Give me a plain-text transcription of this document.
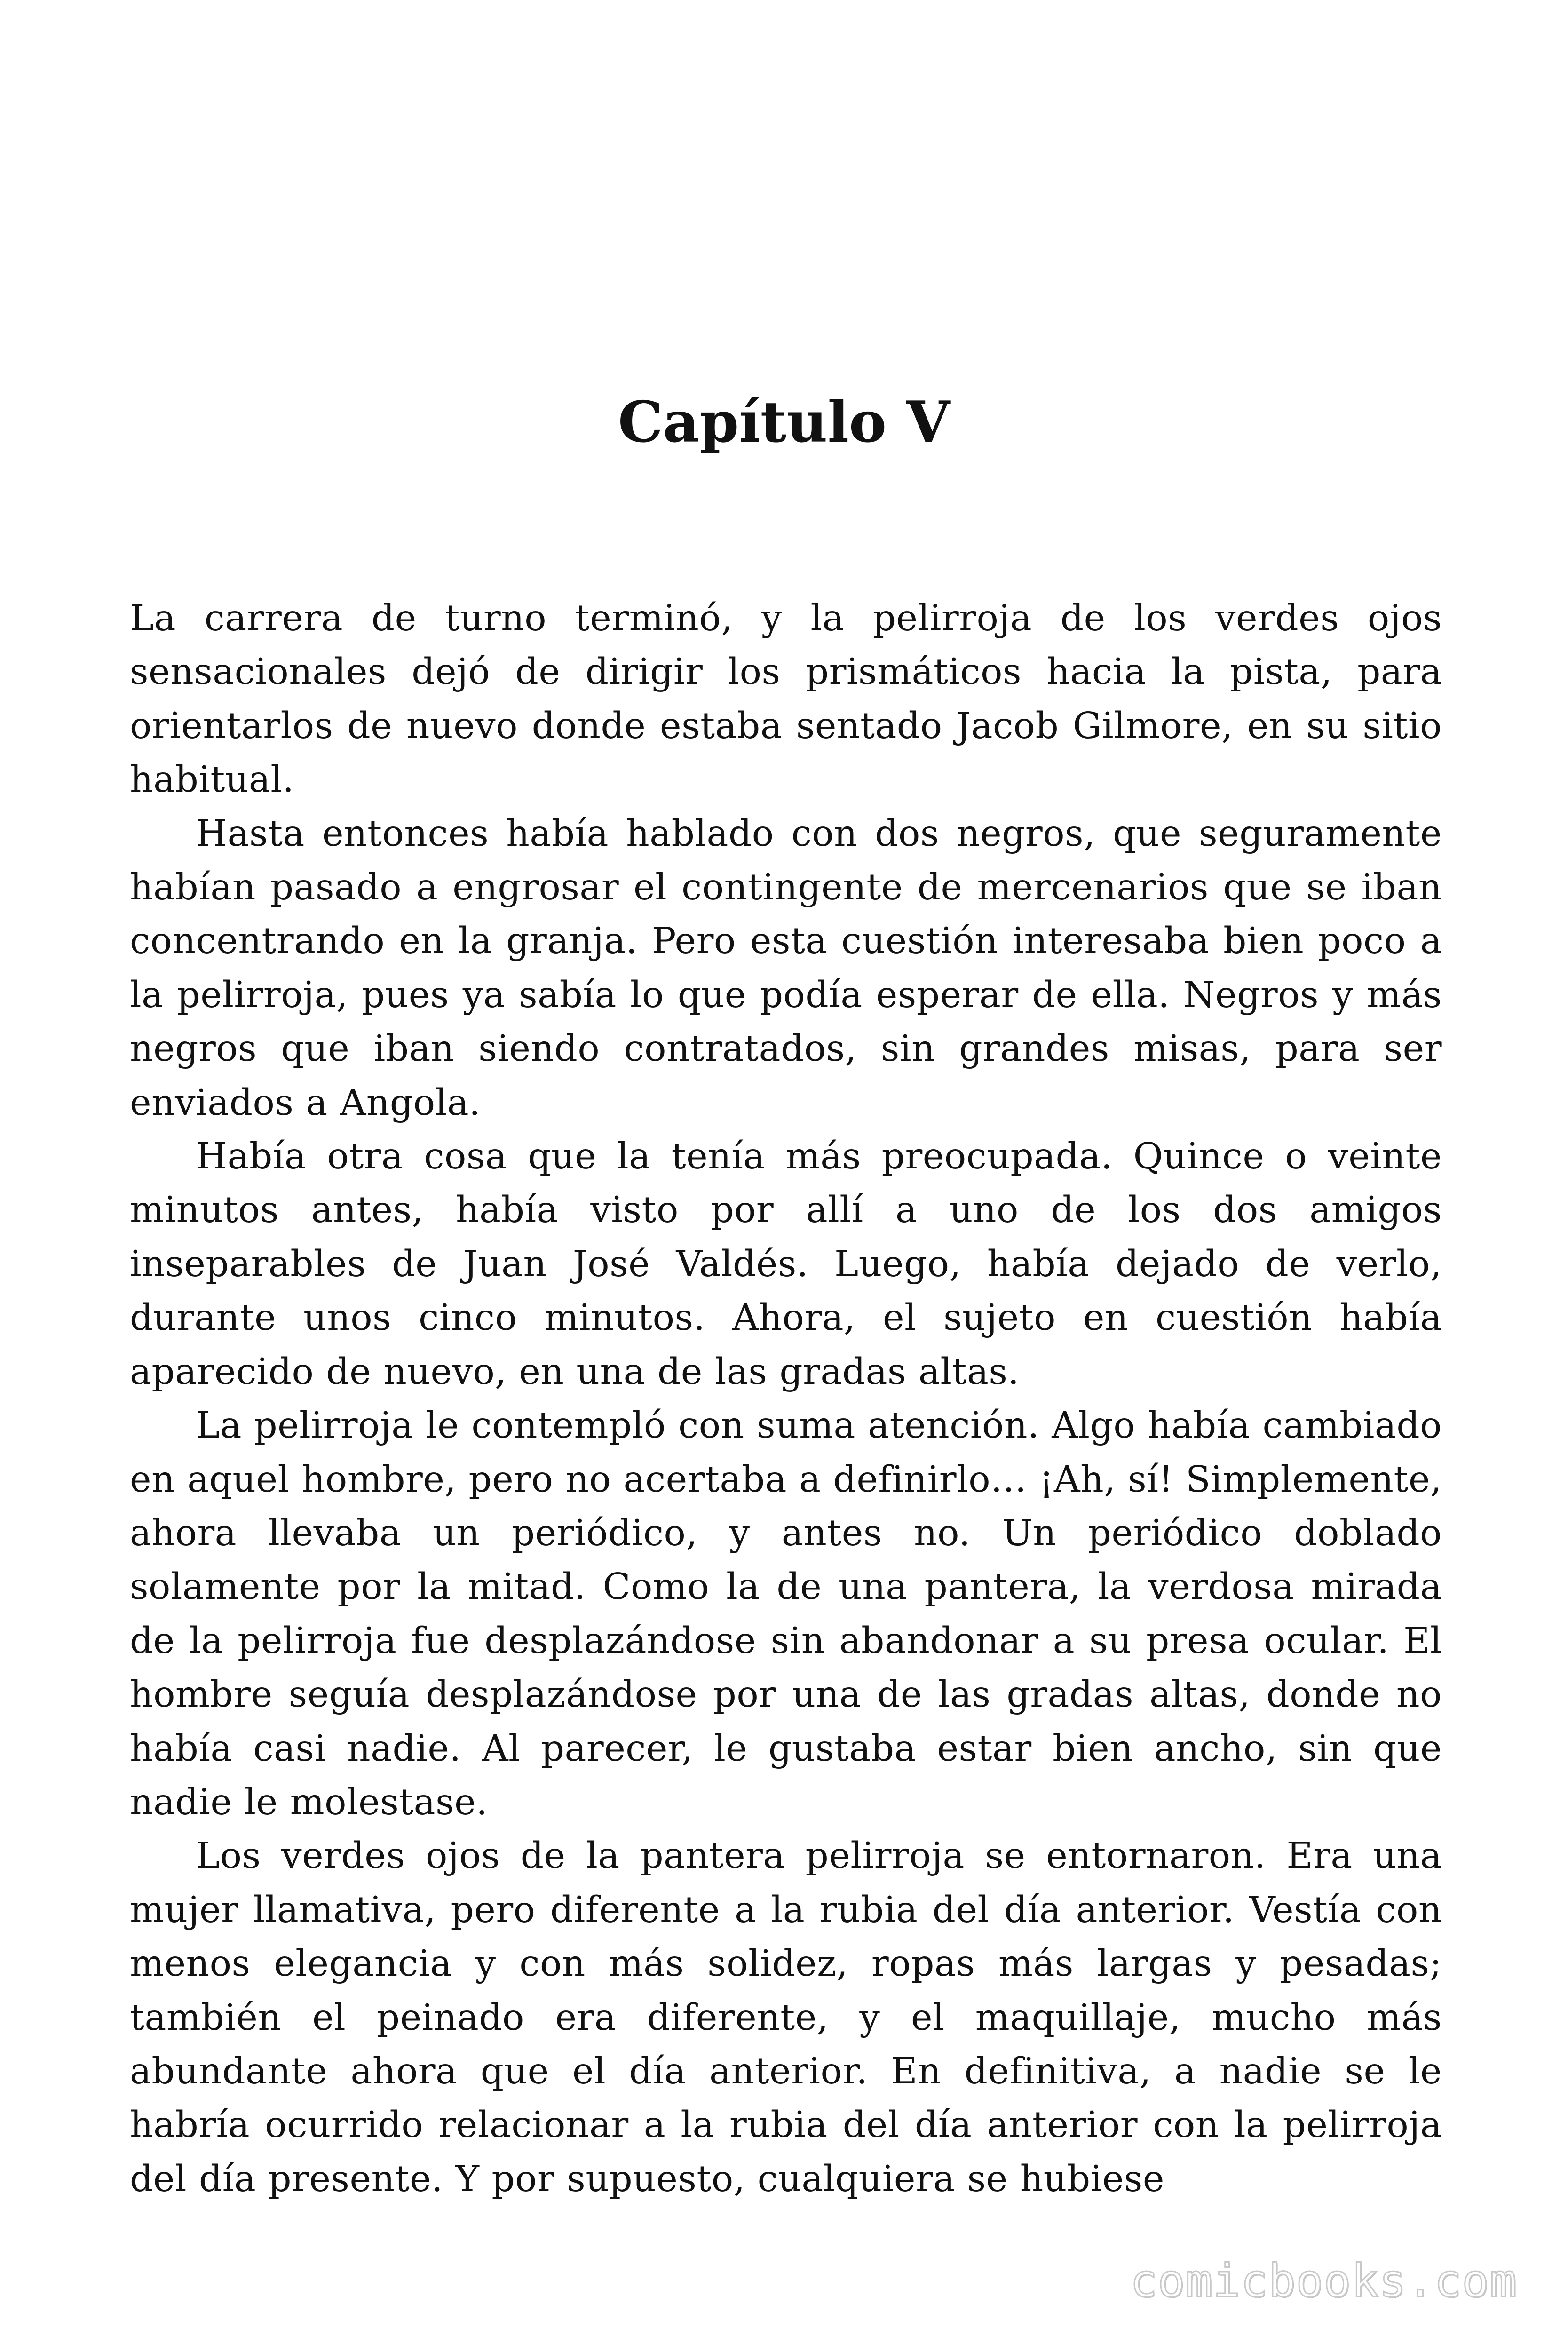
Capítulo V

La carrera de turno terminó, y la pelirroja de los verdes ojos sensacionales dejó de dirigir los prismáticos hacia la pista, para orientarlos de nuevo donde estaba sentado Jacob Gilmore, en su sitio habitual.

Hasta entonces había hablado con dos negros, que seguramente habían pasado a engrosar el contingente de mercenarios que se iban concentrando en la granja. Pero esta cuestión interesaba bien poco a la pelirroja, pues ya sabía lo que podía esperar de ella. Negros y más negros que iban siendo contratados, sin grandes misas, para ser enviados a Angola.

Había otra cosa que la tenía más preocupada. Quince o veinte minutos antes, había visto por allí a uno de los dos amigos inseparables de Juan José Valdés. Luego, había dejado de verlo, durante unos cinco minutos. Ahora, el sujeto en cuestión había aparecido de nuevo, en una de las gradas altas.

La pelirroja le contempló con suma atención. Algo había cambiado en aquel hombre, pero no acertaba a definirlo… ¡Ah, sí! Simplemente, ahora llevaba un periódico, y antes no. Un periódico doblado solamente por la mitad. Como la de una pantera, la verdosa mirada de la pelirroja fue desplazándose sin abandonar a su presa ocular. El hombre seguía desplazándose por una de las gradas altas, donde no había casi nadie. Al parecer, le gustaba estar bien ancho, sin que nadie le molestase.

Los verdes ojos de la pantera pelirroja se entornaron. Era una mujer llamativa, pero diferente a la rubia del día anterior. Vestía con menos elegancia y con más solidez, ropas más largas y pesadas; también el peinado era diferente, y el maquillaje, mucho más abundante ahora que el día anterior. En definitiva, a nadie se le habría ocurrido relacionar a la rubia del día anterior con la pelirroja del día presente. Y por supuesto, cualquiera se hubiese

comicbooks.com
